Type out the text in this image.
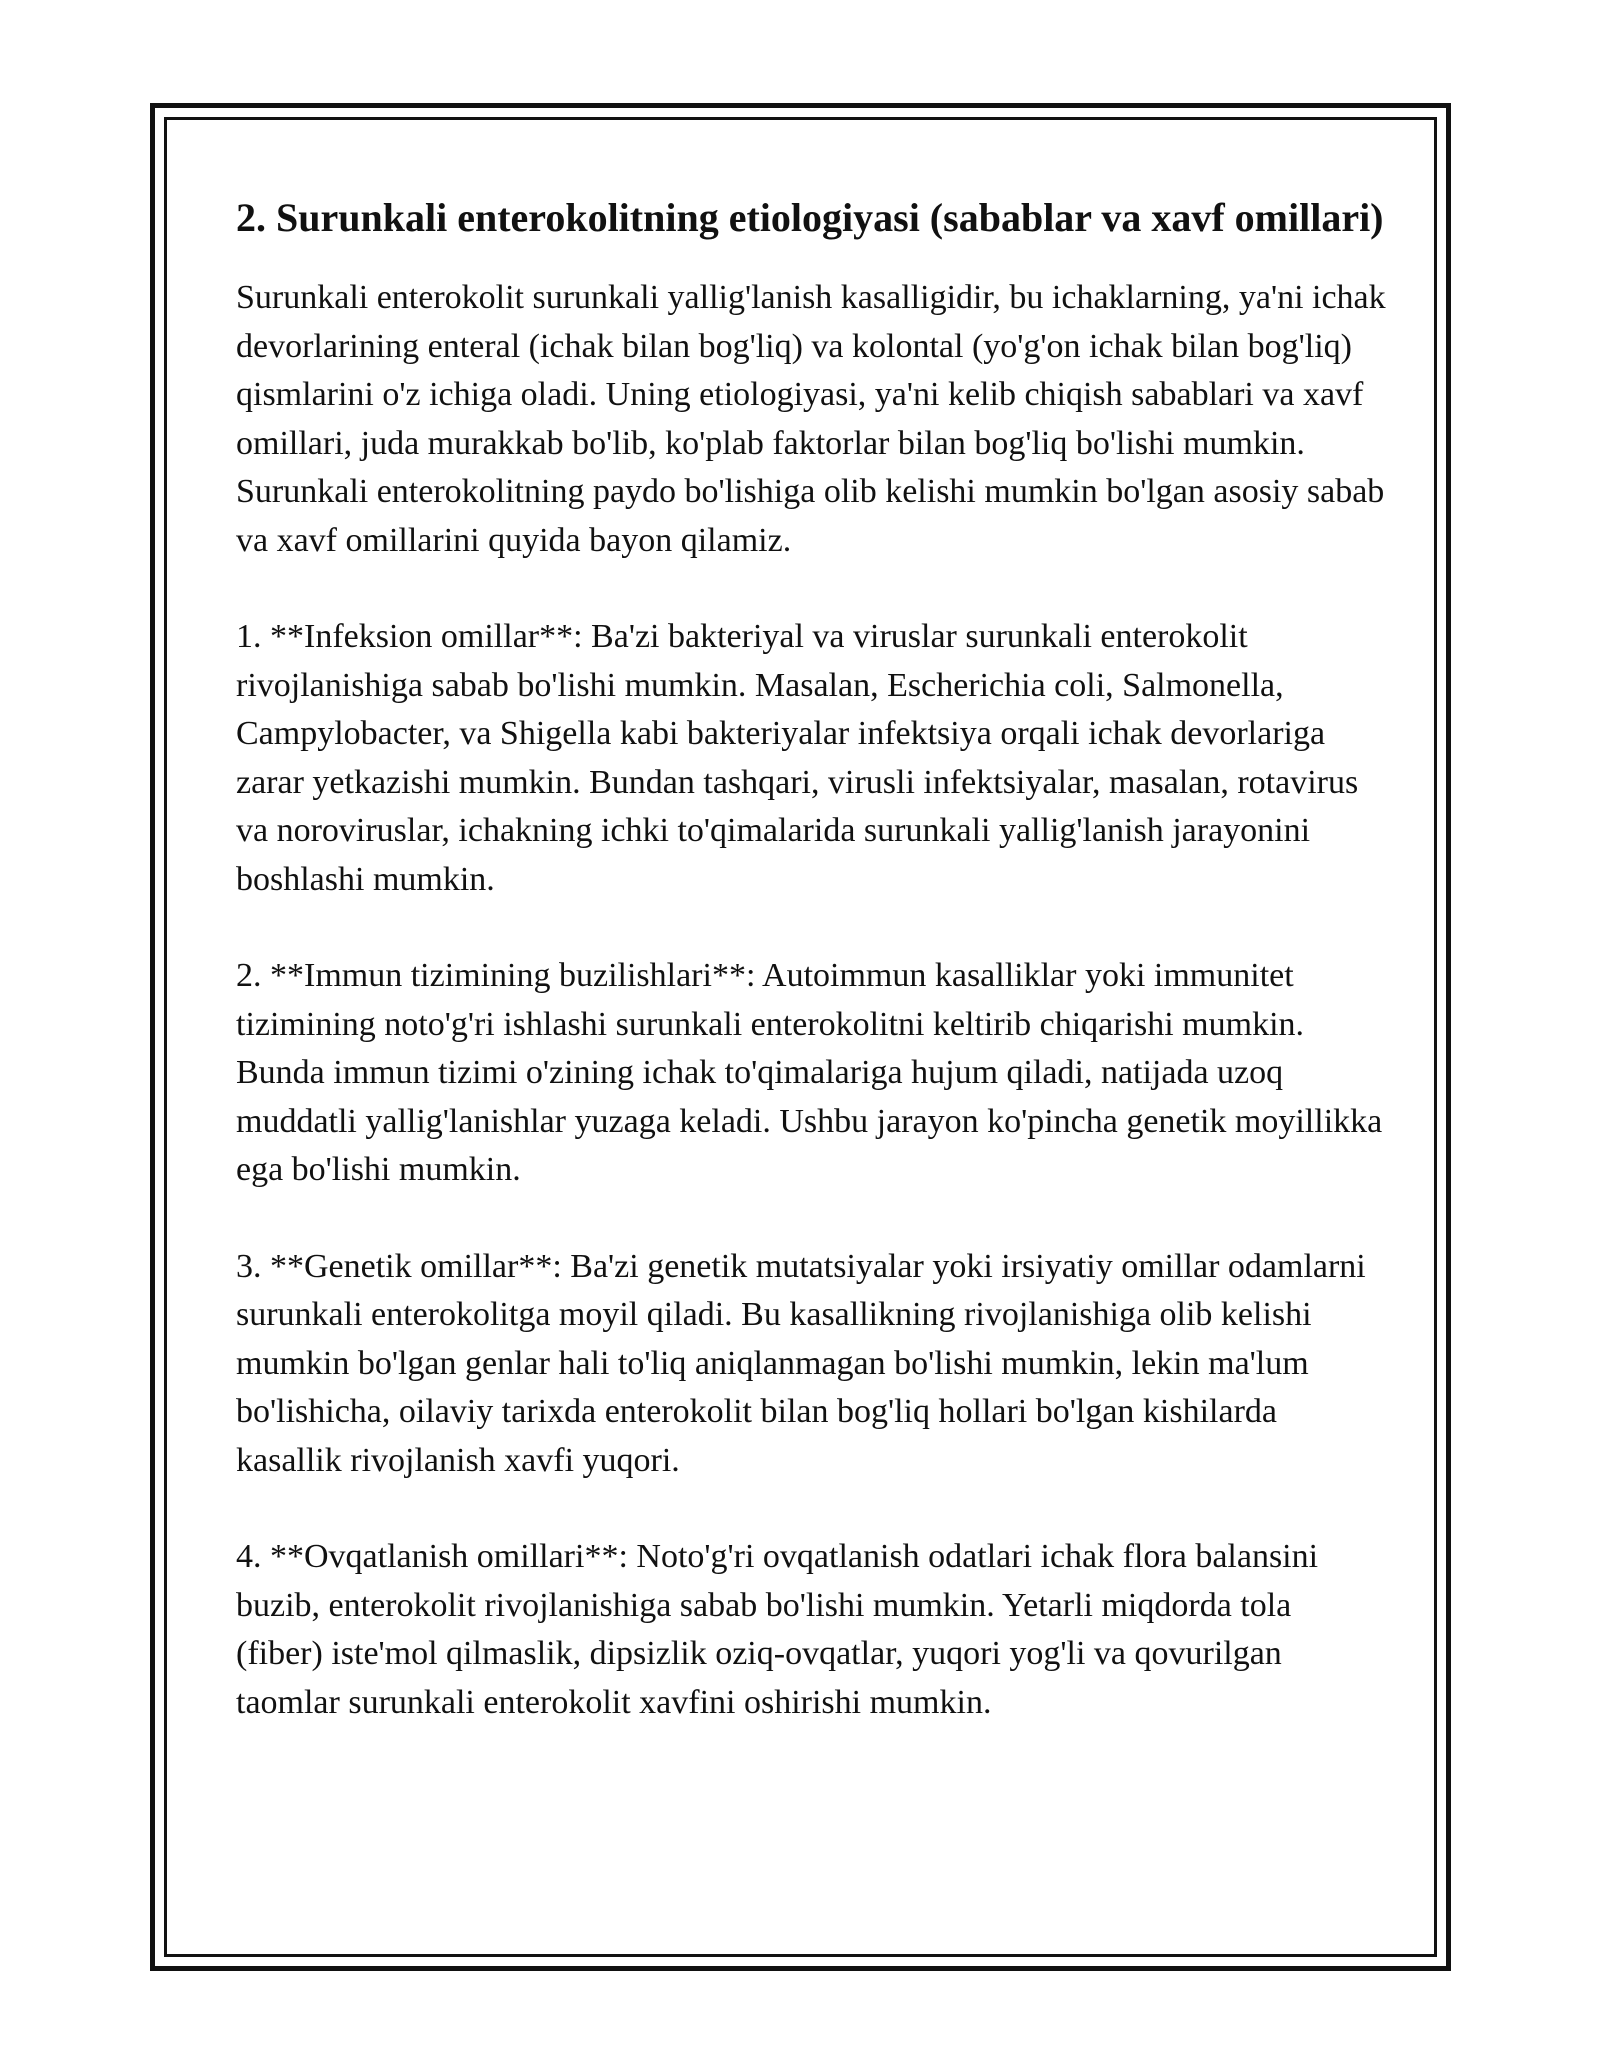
2. Surunkali enterokolitning etiologiyasi (sabablar va xavf omillari)

Surunkali enterokolit surunkali yallig'lanish kasalligidir, bu ichaklarning, ya'ni ichak devorlarining enteral (ichak bilan bog'liq) va kolontal (yo'g'on ichak bilan bog'liq) qismlarini o'z ichiga oladi. Uning etiologiyasi, ya'ni kelib chiqish sabablari va xavf omillari, juda murakkab bo'lib, ko'plab faktorlar bilan bog'liq bo'lishi mumkin. Surunkali enterokolitning paydo bo'lishiga olib kelishi mumkin bo'lgan asosiy sabab va xavf omillarini quyida bayon qilamiz.

1. **Infeksion omillar**: Ba'zi bakteriyal va viruslar surunkali enterokolit rivojlanishiga sabab bo'lishi mumkin. Masalan, Escherichia coli, Salmonella, Campylobacter, va Shigella kabi bakteriyalar infektsiya orqali ichak devorlariga zarar yetkazishi mumkin. Bundan tashqari, virusli infektsiyalar, masalan, rotavirus va noroviruslar, ichakning ichki to'qimalarida surunkali yallig'lanish jarayonini boshlashi mumkin.

2. **Immun tizimining buzilishlari**: Autoimmun kasalliklar yoki immunitet tizimining noto'g'ri ishlashi surunkali enterokolitni keltirib chiqarishi mumkin. Bunda immun tizimi o'zining ichak to'qimalariga hujum qiladi, natijada uzoq muddatli yallig'lanishlar yuzaga keladi. Ushbu jarayon ko'pincha genetik moyillikka ega bo'lishi mumkin.

3. **Genetik omillar**: Ba'zi genetik mutatsiyalar yoki irsiyatiy omillar odamlarni surunkali enterokolitga moyil qiladi. Bu kasallikning rivojlanishiga olib kelishi mumkin bo'lgan genlar hali to'liq aniqlanmagan bo'lishi mumkin, lekin ma'lum bo'lishicha, oilaviy tarixda enterokolit bilan bog'liq hollari bo'lgan kishilarda kasallik rivojlanish xavfi yuqori.

4. **Ovqatlanish omillari**: Noto'g'ri ovqatlanish odatlari ichak flora balansini buzib, enterokolit rivojlanishiga sabab bo'lishi mumkin. Yetarli miqdorda tola (fiber) iste'mol qilmaslik, dipsizlik oziq-ovqatlar, yuqori yog'li va qovurilgan taomlar surunkali enterokolit xavfini oshirishi mumkin.
